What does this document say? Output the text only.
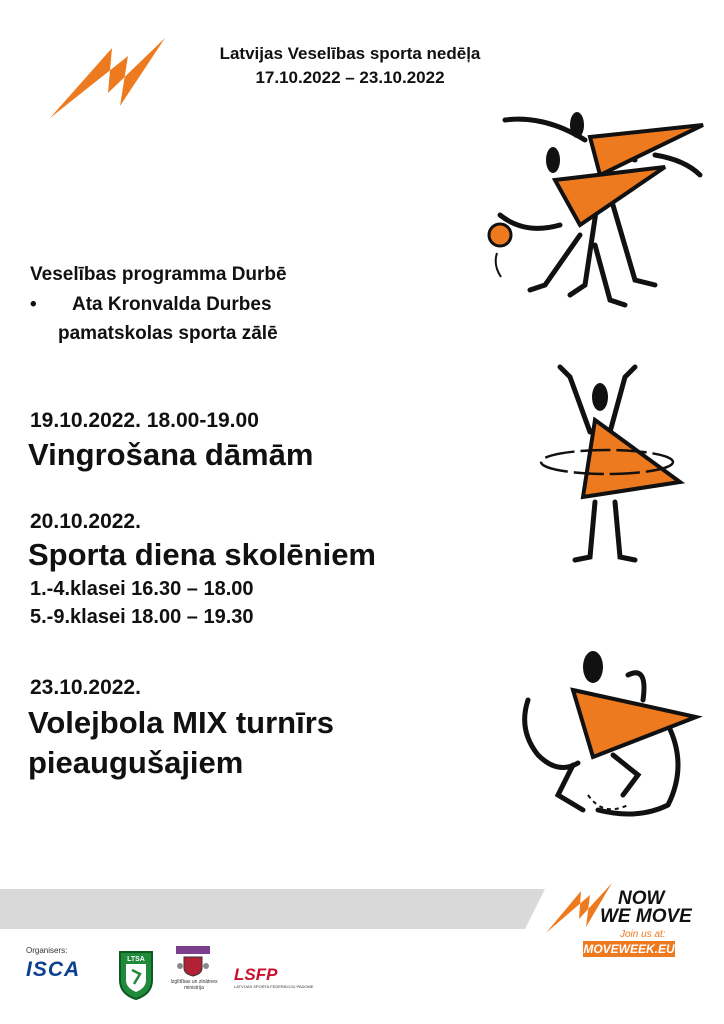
Latvijas Veselības sporta nedēļa
17.10.2022 – 23.10.2022
Veselības programma Durbē
• Ata Kronvalda Durbes
pamatskolas sporta zālē
19.10.2022. 18.00-19.00
Vingrošana dāmām
20.10.2022.
Sporta diena skolēniem
1.-4.klasei 16.30 – 18.00
5.-9.klasei 18.00 – 19.30
23.10.2022.
Volejbola MIX turnīrs
pieaugušajiem
NOW
WE MOVE
Join us at:
MOVEWEEK.EU
Organisers:
ISCA	LTSA
Izglītības un zinātnes ministrija
LSFP
LATVIJAS SPORTA FEDERĀCIJU PADOME
